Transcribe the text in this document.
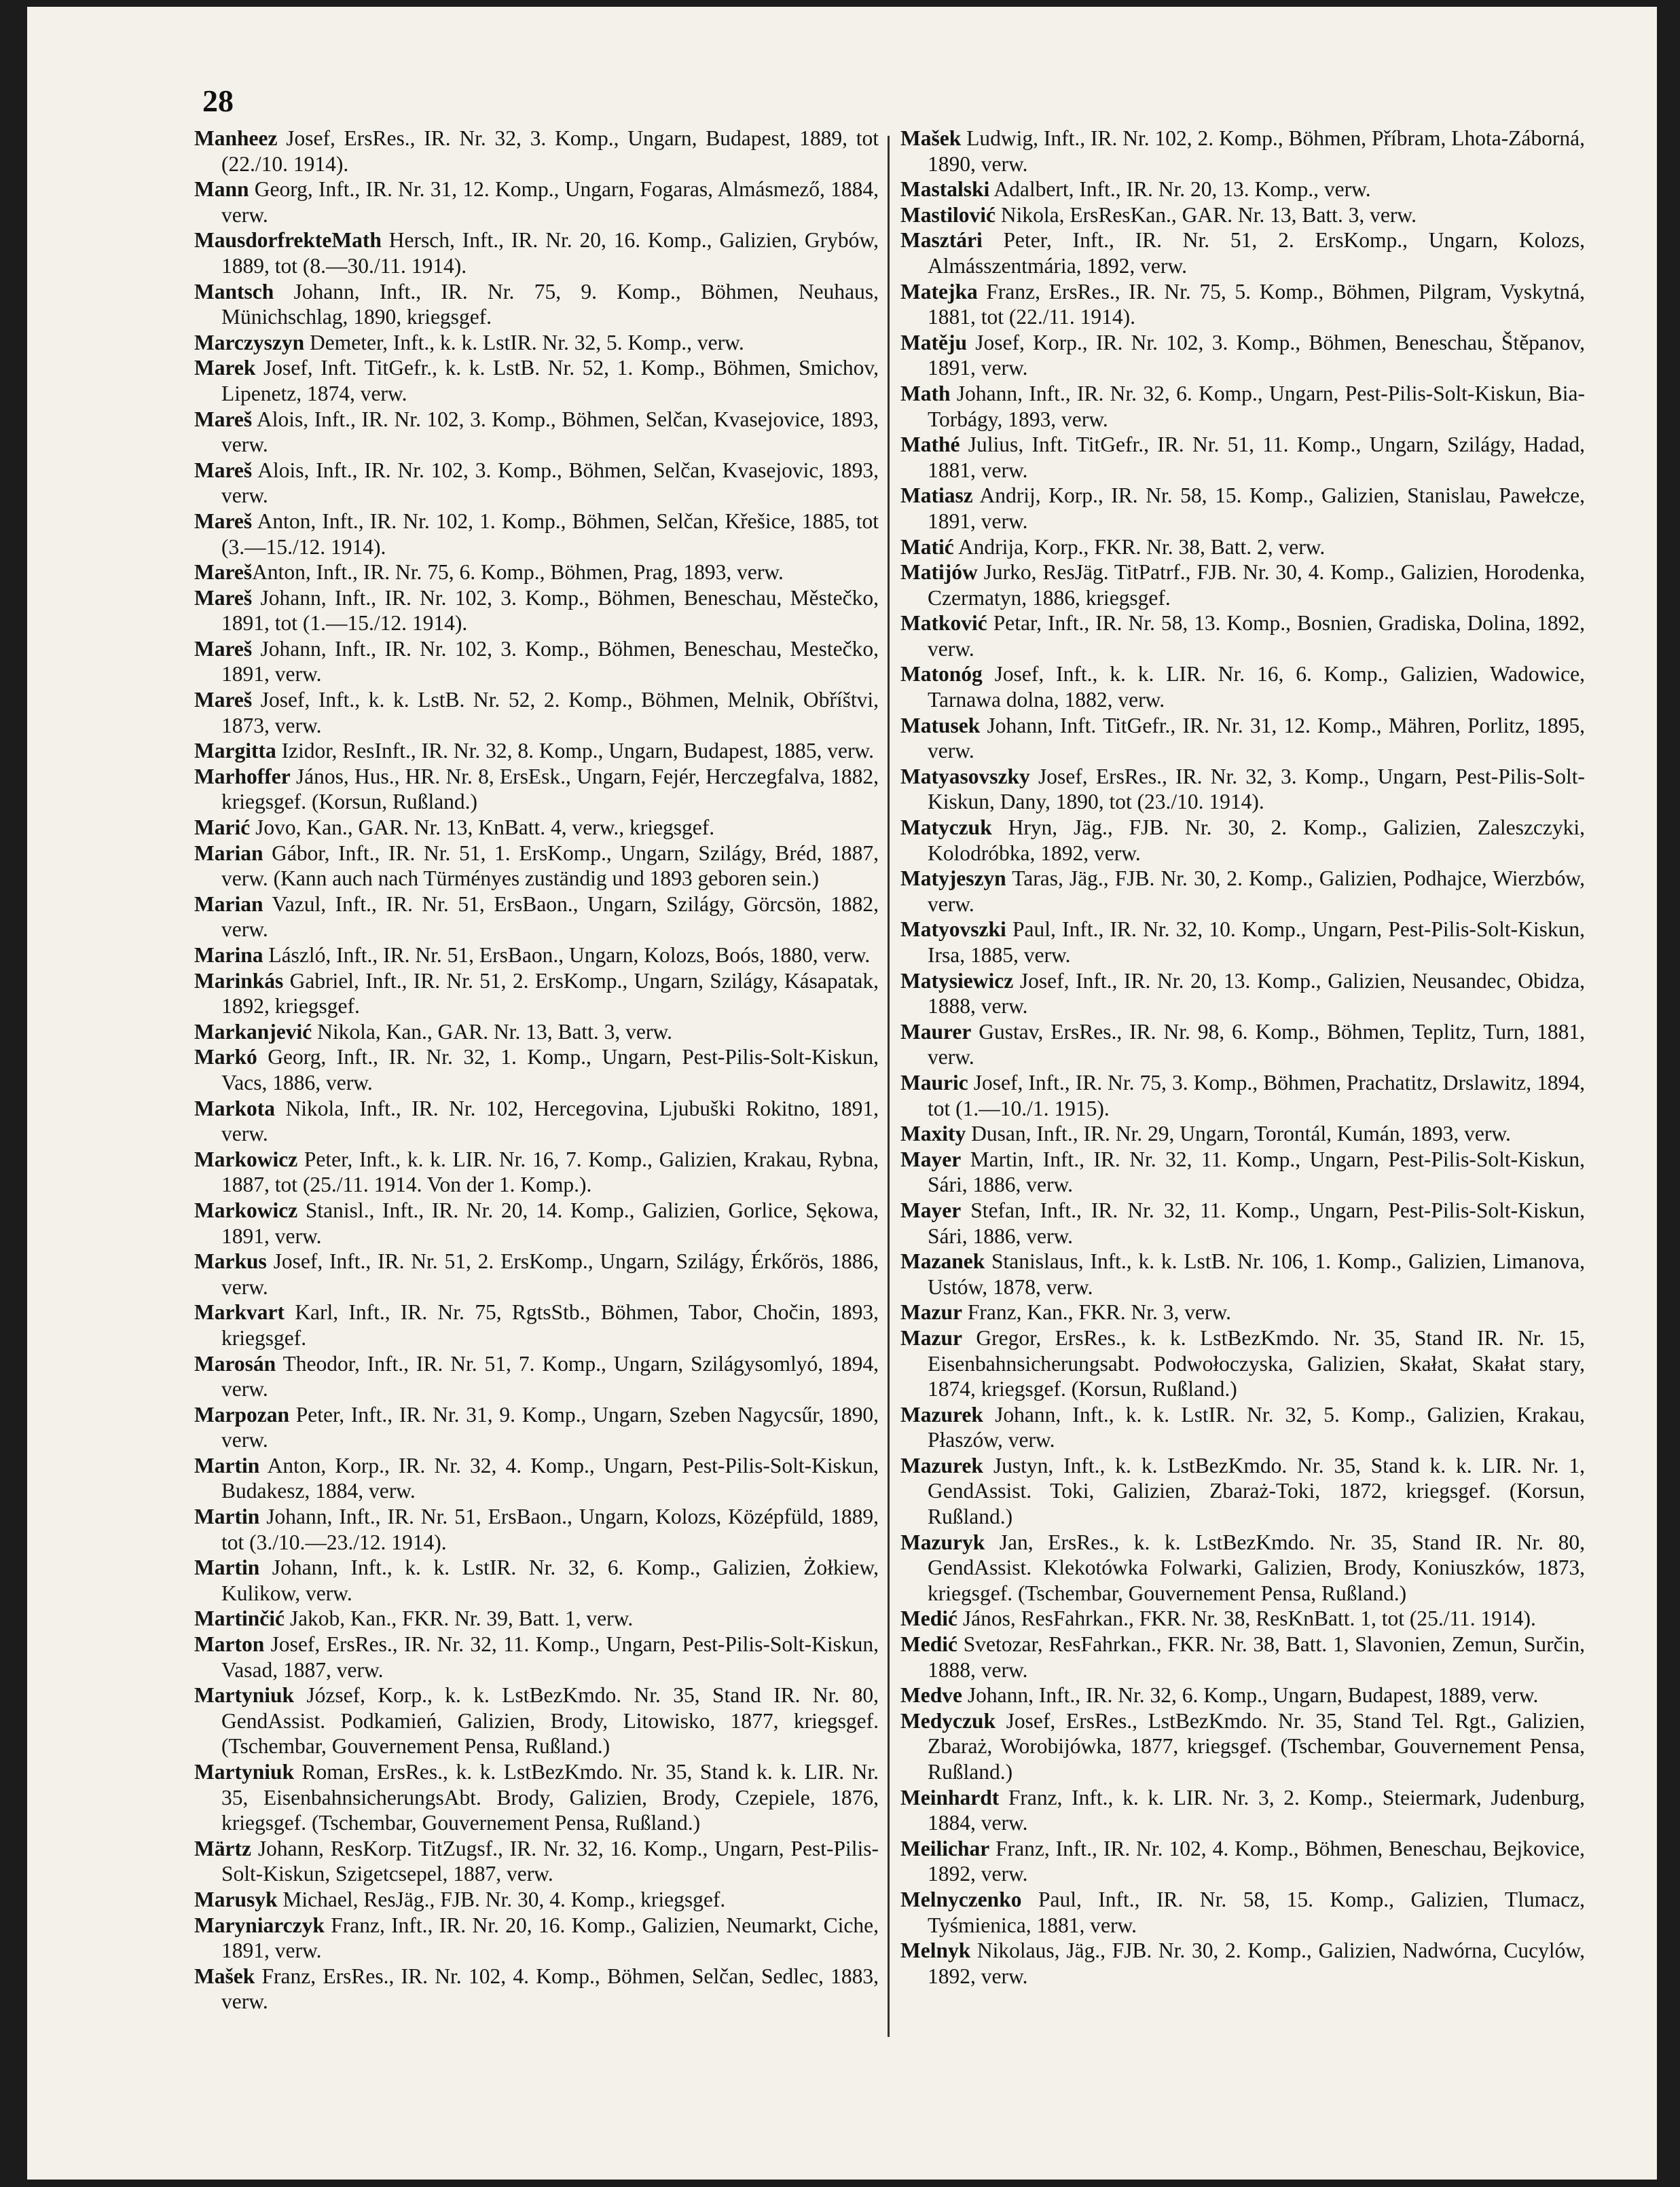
28

Manheez Josef, ErsRes., IR. Nr. 32, 3. Komp., Ungarn, Budapest, 1889, tot (22./10. 1914).

Mann Georg, Inft., IR. Nr. 31, 12. Komp., Ungarn, Fogaras, Almásmező, 1884, verw.

MausdorfrekteMath Hersch, Inft., IR. Nr. 20, 16. Komp., Galizien, Grybów, 1889, tot (8.—30./11. 1914).

Mantsch Johann, Inft., IR. Nr. 75, 9. Komp., Böhmen, Neuhaus, Münichschlag, 1890, kriegsgef.

Marczyszyn Demeter, Inft., k. k. LstIR. Nr. 32, 5. Komp., verw.

Marek Josef, Inft. TitGefr., k. k. LstB. Nr. 52, 1. Komp., Böhmen, Smichov, Lipenetz, 1874, verw.

Mareš Alois, Inft., IR. Nr. 102, 3. Komp., Böhmen, Selčan, Kvasejovice, 1893, verw.

Mareš Alois, Inft., IR. Nr. 102, 3. Komp., Böhmen, Selčan, Kvasejovic, 1893, verw.

Mareš Anton, Inft., IR. Nr. 102, 1. Komp., Böhmen, Selčan, Křešice, 1885, tot (3.—15./12. 1914).

MarešAnton, Inft., IR. Nr. 75, 6. Komp., Böhmen, Prag, 1893, verw.

Mareš Johann, Inft., IR. Nr. 102, 3. Komp., Böhmen, Beneschau, Městečko, 1891, tot (1.—15./12. 1914).

Mareš Johann, Inft., IR. Nr. 102, 3. Komp., Böhmen, Beneschau, Mestečko, 1891, verw.

Mareš Josef, Inft., k. k. LstB. Nr. 52, 2. Komp., Böhmen, Melnik, Obříštvi, 1873, verw.

Margitta Izidor, ResInft., IR. Nr. 32, 8. Komp., Ungarn, Budapest, 1885, verw.

Marhoffer János, Hus., HR. Nr. 8, ErsEsk., Ungarn, Fejér, Herczegfalva, 1882, kriegsgef. (Korsun, Rußland.)

Marić Jovo, Kan., GAR. Nr. 13, KnBatt. 4, verw., kriegsgef.

Marian Gábor, Inft., IR. Nr. 51, 1. ErsKomp., Ungarn, Szilágy, Bréd, 1887, verw. (Kann auch nach Türményes zuständig und 1893 geboren sein.)

Marian Vazul, Inft., IR. Nr. 51, ErsBaon., Ungarn, Szilágy, Görcsön, 1882, verw.

Marina László, Inft., IR. Nr. 51, ErsBaon., Ungarn, Kolozs, Boós, 1880, verw.

Marinkás Gabriel, Inft., IR. Nr. 51, 2. ErsKomp., Ungarn, Szilágy, Kásapatak, 1892, kriegsgef.

Markanjević Nikola, Kan., GAR. Nr. 13, Batt. 3, verw.

Markó Georg, Inft., IR. Nr. 32, 1. Komp., Ungarn, Pest-Pilis-Solt-Kiskun, Vacs, 1886, verw.

Markota Nikola, Inft., IR. Nr. 102, Hercegovina, Ljubuški Rokitno, 1891, verw.

Markowicz Peter, Inft., k. k. LIR. Nr. 16, 7. Komp., Galizien, Krakau, Rybna, 1887, tot (25./11. 1914. Von der 1. Komp.).

Markowicz Stanisl., Inft., IR. Nr. 20, 14. Komp., Galizien, Gorlice, Sękowa, 1891, verw.

Markus Josef, Inft., IR. Nr. 51, 2. ErsKomp., Ungarn, Szilágy, Érkőrös, 1886, verw.

Markvart Karl, Inft., IR. Nr. 75, RgtsStb., Böhmen, Tabor, Chočin, 1893, kriegsgef.

Marosán Theodor, Inft., IR. Nr. 51, 7. Komp., Ungarn, Szilágysomlyó, 1894, verw.

Marpozan Peter, Inft., IR. Nr. 31, 9. Komp., Ungarn, Szeben Nagycsűr, 1890, verw.

Martin Anton, Korp., IR. Nr. 32, 4. Komp., Ungarn, Pest-Pilis-Solt-Kiskun, Budakesz, 1884, verw.

Martin Johann, Inft., IR. Nr. 51, ErsBaon., Ungarn, Kolozs, Középfüld, 1889, tot (3./10.—23./12. 1914).

Martin Johann, Inft., k. k. LstIR. Nr. 32, 6. Komp., Galizien, Żołkiew, Kulikow, verw.

Martinčić Jakob, Kan., FKR. Nr. 39, Batt. 1, verw.

Marton Josef, ErsRes., IR. Nr. 32, 11. Komp., Ungarn, Pest-Pilis-Solt-Kiskun, Vasad, 1887, verw.

Martyniuk József, Korp., k. k. LstBezKmdo. Nr. 35, Stand IR. Nr. 80, GendAssist. Podkamień, Galizien, Brody, Litowisko, 1877, kriegsgef. (Tschembar, Gouvernement Pensa, Rußland.)

Martyniuk Roman, ErsRes., k. k. LstBezKmdo. Nr. 35, Stand k. k. LIR. Nr. 35, EisenbahnsicherungsAbt. Brody, Galizien, Brody, Czepiele, 1876, kriegsgef. (Tschembar, Gouvernement Pensa, Rußland.)

Märtz Johann, ResKorp. TitZugsf., IR. Nr. 32, 16. Komp., Ungarn, Pest-Pilis-Solt-Kiskun, Szigetcsepel, 1887, verw.

Marusyk Michael, ResJäg., FJB. Nr. 30, 4. Komp., kriegsgef.

Maryniarczyk Franz, Inft., IR. Nr. 20, 16. Komp., Galizien, Neumarkt, Ciche, 1891, verw.

Mašek Franz, ErsRes., IR. Nr. 102, 4. Komp., Böhmen, Selčan, Sedlec, 1883, verw.

Mašek Ludwig, Inft., IR. Nr. 102, 2. Komp., Böhmen, Příbram, Lhota-Záborná, 1890, verw.

Mastalski Adalbert, Inft., IR. Nr. 20, 13. Komp., verw.

Mastilović Nikola, ErsResKan., GAR. Nr. 13, Batt. 3, verw.

Masztári Peter, Inft., IR. Nr. 51, 2. ErsKomp., Ungarn, Kolozs, Almásszentmária, 1892, verw.

Matejka Franz, ErsRes., IR. Nr. 75, 5. Komp., Böhmen, Pilgram, Vyskytná, 1881, tot (22./11. 1914).

Matěju Josef, Korp., IR. Nr. 102, 3. Komp., Böhmen, Beneschau, Štěpanov, 1891, verw.

Math Johann, Inft., IR. Nr. 32, 6. Komp., Ungarn, Pest-Pilis-Solt-Kiskun, Bia-Torbágy, 1893, verw.

Mathé Julius, Inft. TitGefr., IR. Nr. 51, 11. Komp., Ungarn, Szilágy, Hadad, 1881, verw.

Matiasz Andrij, Korp., IR. Nr. 58, 15. Komp., Galizien, Stanislau, Pawełcze, 1891, verw.

Matić Andrija, Korp., FKR. Nr. 38, Batt. 2, verw.

Matijów Jurko, ResJäg. TitPatrf., FJB. Nr. 30, 4. Komp., Galizien, Horodenka, Czermatyn, 1886, kriegsgef.

Matković Petar, Inft., IR. Nr. 58, 13. Komp., Bosnien, Gradiska, Dolina, 1892, verw.

Matonóg Josef, Inft., k. k. LIR. Nr. 16, 6. Komp., Galizien, Wadowice, Tarnawa dolna, 1882, verw.

Matusek Johann, Inft. TitGefr., IR. Nr. 31, 12. Komp., Mähren, Porlitz, 1895, verw.

Matyasovszky Josef, ErsRes., IR. Nr. 32, 3. Komp., Ungarn, Pest-Pilis-Solt-Kiskun, Dany, 1890, tot (23./10. 1914).

Matyczuk Hryn, Jäg., FJB. Nr. 30, 2. Komp., Galizien, Zaleszczyki, Kolodróbka, 1892, verw.

Matyjeszyn Taras, Jäg., FJB. Nr. 30, 2. Komp., Galizien, Podhajce, Wierzbów, verw.

Matyovszki Paul, Inft., IR. Nr. 32, 10. Komp., Ungarn, Pest-Pilis-Solt-Kiskun, Irsa, 1885, verw.

Matysiewicz Josef, Inft., IR. Nr. 20, 13. Komp., Galizien, Neusandec, Obidza, 1888, verw.

Maurer Gustav, ErsRes., IR. Nr. 98, 6. Komp., Böhmen, Teplitz, Turn, 1881, verw.

Mauric Josef, Inft., IR. Nr. 75, 3. Komp., Böhmen, Prachatitz, Drslawitz, 1894, tot (1.—10./1. 1915).

Maxity Dusan, Inft., IR. Nr. 29, Ungarn, Torontál, Kumán, 1893, verw.

Mayer Martin, Inft., IR. Nr. 32, 11. Komp., Ungarn, Pest-Pilis-Solt-Kiskun, Sári, 1886, verw.

Mayer Stefan, Inft., IR. Nr. 32, 11. Komp., Ungarn, Pest-Pilis-Solt-Kiskun, Sári, 1886, verw.

Mazanek Stanislaus, Inft., k. k. LstB. Nr. 106, 1. Komp., Galizien, Limanova, Ustów, 1878, verw.

Mazur Franz, Kan., FKR. Nr. 3, verw.

Mazur Gregor, ErsRes., k. k. LstBezKmdo. Nr. 35, Stand IR. Nr. 15, Eisenbahnsicherungsabt. Podwołoczyska, Galizien, Skałat, Skałat stary, 1874, kriegsgef. (Korsun, Rußland.)

Mazurek Johann, Inft., k. k. LstIR. Nr. 32, 5. Komp., Galizien, Krakau, Płaszów, verw.

Mazurek Justyn, Inft., k. k. LstBezKmdo. Nr. 35, Stand k. k. LIR. Nr. 1, GendAssist. Toki, Galizien, Zbaraż-Toki, 1872, kriegsgef. (Korsun, Rußland.)

Mazuryk Jan, ErsRes., k. k. LstBezKmdo. Nr. 35, Stand IR. Nr. 80, GendAssist. Klekotówka Folwarki, Galizien, Brody, Koniuszków, 1873, kriegsgef. (Tschembar, Gouvernement Pensa, Rußland.)

Medić János, ResFahrkan., FKR. Nr. 38, ResKnBatt. 1, tot (25./11. 1914).

Medić Svetozar, ResFahrkan., FKR. Nr. 38, Batt. 1, Slavonien, Zemun, Surčin, 1888, verw.

Medve Johann, Inft., IR. Nr. 32, 6. Komp., Ungarn, Budapest, 1889, verw.

Medyczuk Josef, ErsRes., LstBezKmdo. Nr. 35, Stand Tel. Rgt., Galizien, Zbaraż, Worobijówka, 1877, kriegsgef. (Tschembar, Gouvernement Pensa, Rußland.)

Meinhardt Franz, Inft., k. k. LIR. Nr. 3, 2. Komp., Steiermark, Judenburg, 1884, verw.

Meilichar Franz, Inft., IR. Nr. 102, 4. Komp., Böhmen, Beneschau, Bejkovice, 1892, verw.

Melnyczenko Paul, Inft., IR. Nr. 58, 15. Komp., Galizien, Tlumacz, Tyśmienica, 1881, verw.

Melnyk Nikolaus, Jäg., FJB. Nr. 30, 2. Komp., Galizien, Nadwórna, Cucylów, 1892, verw.
